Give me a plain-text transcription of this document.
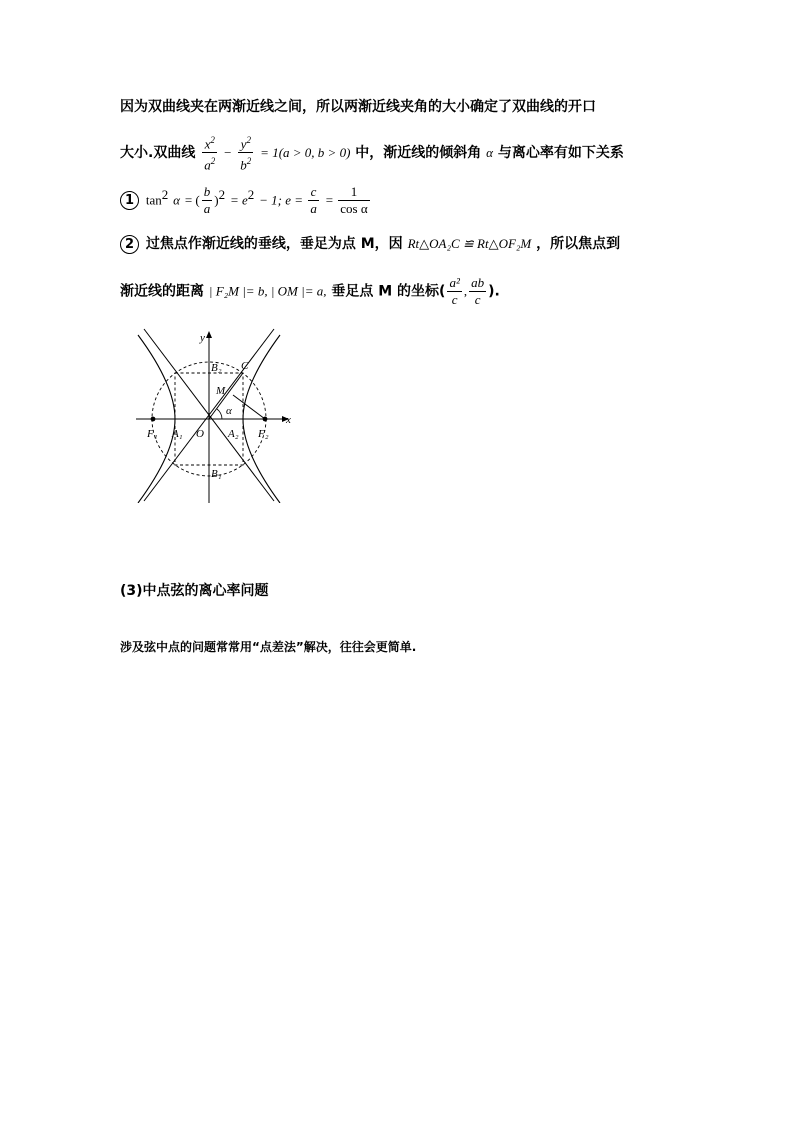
因为双曲线夹在两渐近线之间，所以两渐近线夹角的大小确定了双曲线的开口
大小.双曲线 $\frac{x^2}{a^2} - \frac{y^2}{b^2} = 1(a > 0$, b > 0) 中，渐近线的倾斜角 α 与离心率有如下关系
1 $\tan^2 \alpha$ = ( $\frac{b}{a} )^2 = e^2 - 1$; $e = \frac{c}{a} = \frac{1}{\text{cos α}}$
2 过焦点作渐近线的垂线，垂足为点 M，因 Rt△OA₂C ≌ Rt△OF₂M ，所以焦点到
渐近线的距离 | F₂M |= b, | OM |= a, 垂足点 M 的坐标( $\frac{\text{a²}}{c}$ , $\frac{ab}{c}$ ).
y
x
O
C
M
α
B₂
B₁
F₁	F₂
A₁	A₂
(3)中点弦的离心率问题
涉及弦中点的问题常常用“点差法”解决，往往会更简单.
